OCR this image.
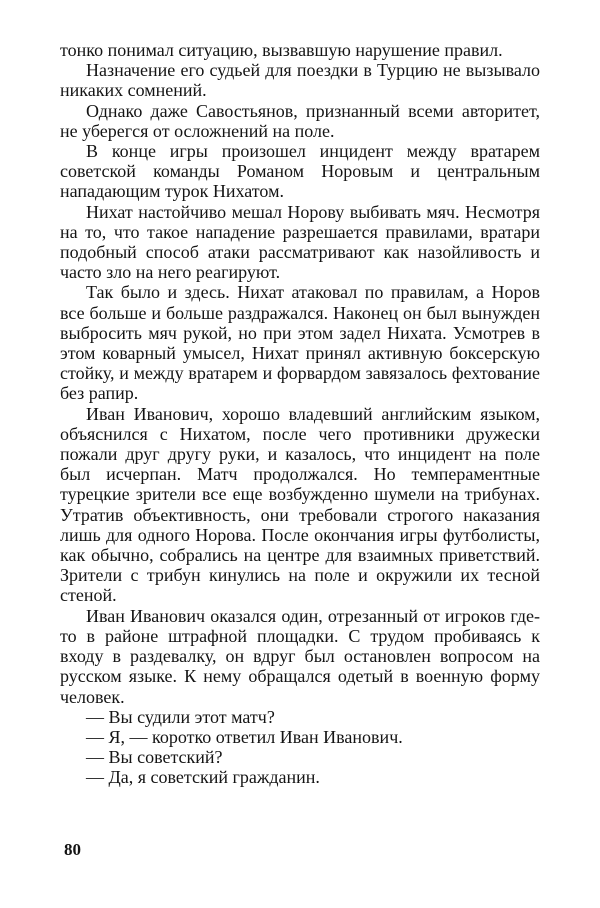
тонко понимал ситуацию, вызвавшую нарушение правил.

Назначение его судьей для поездки в Турцию не вызывало никаких сомнений.

Однако даже Савостьянов, признанный всеми авторитет, не уберегся от осложнений на поле.

В конце игры произошел инцидент между вратарем советской команды Романом Норовым и центральным нападающим турок Нихатом.

Нихат настойчиво мешал Норову выбивать мяч. Несмотря на то, что такое нападение разрешается правилами, вратари подобный способ атаки рассматривают как назойливость и часто зло на него реагируют.

Так было и здесь. Нихат атаковал по правилам, а Норов все больше и больше раздражался. Наконец он был вынужден выбросить мяч рукой, но при этом задел Нихата. Усмотрев в этом коварный умысел, Нихат принял активную боксерскую стойку, и между вратарем и форвардом завязалось фехтование без рапир.

Иван Иванович, хорошо владевший английским языком, объяснился с Нихатом, после чего противники дружески пожали друг другу руки, и казалось, что инцидент на поле был исчерпан. Матч продолжался. Но темпераментные турецкие зрители все еще возбужденно шумели на трибунах. Утратив объективность, они требовали строгого наказания лишь для одного Норова. После окончания игры футболисты, как обычно, собрались на центре для взаимных приветствий. Зрители с трибун кинулись на поле и окружили их тесной стеной.

Иван Иванович оказался один, отрезанный от игроков где-то в районе штрафной площадки. С трудом пробиваясь к входу в раздевалку, он вдруг был остановлен вопросом на русском языке. К нему обращался одетый в военную форму человек.

— Вы судили этот матч?

— Я, — коротко ответил Иван Иванович.

— Вы советский?

— Да, я советский гражданин.

80
